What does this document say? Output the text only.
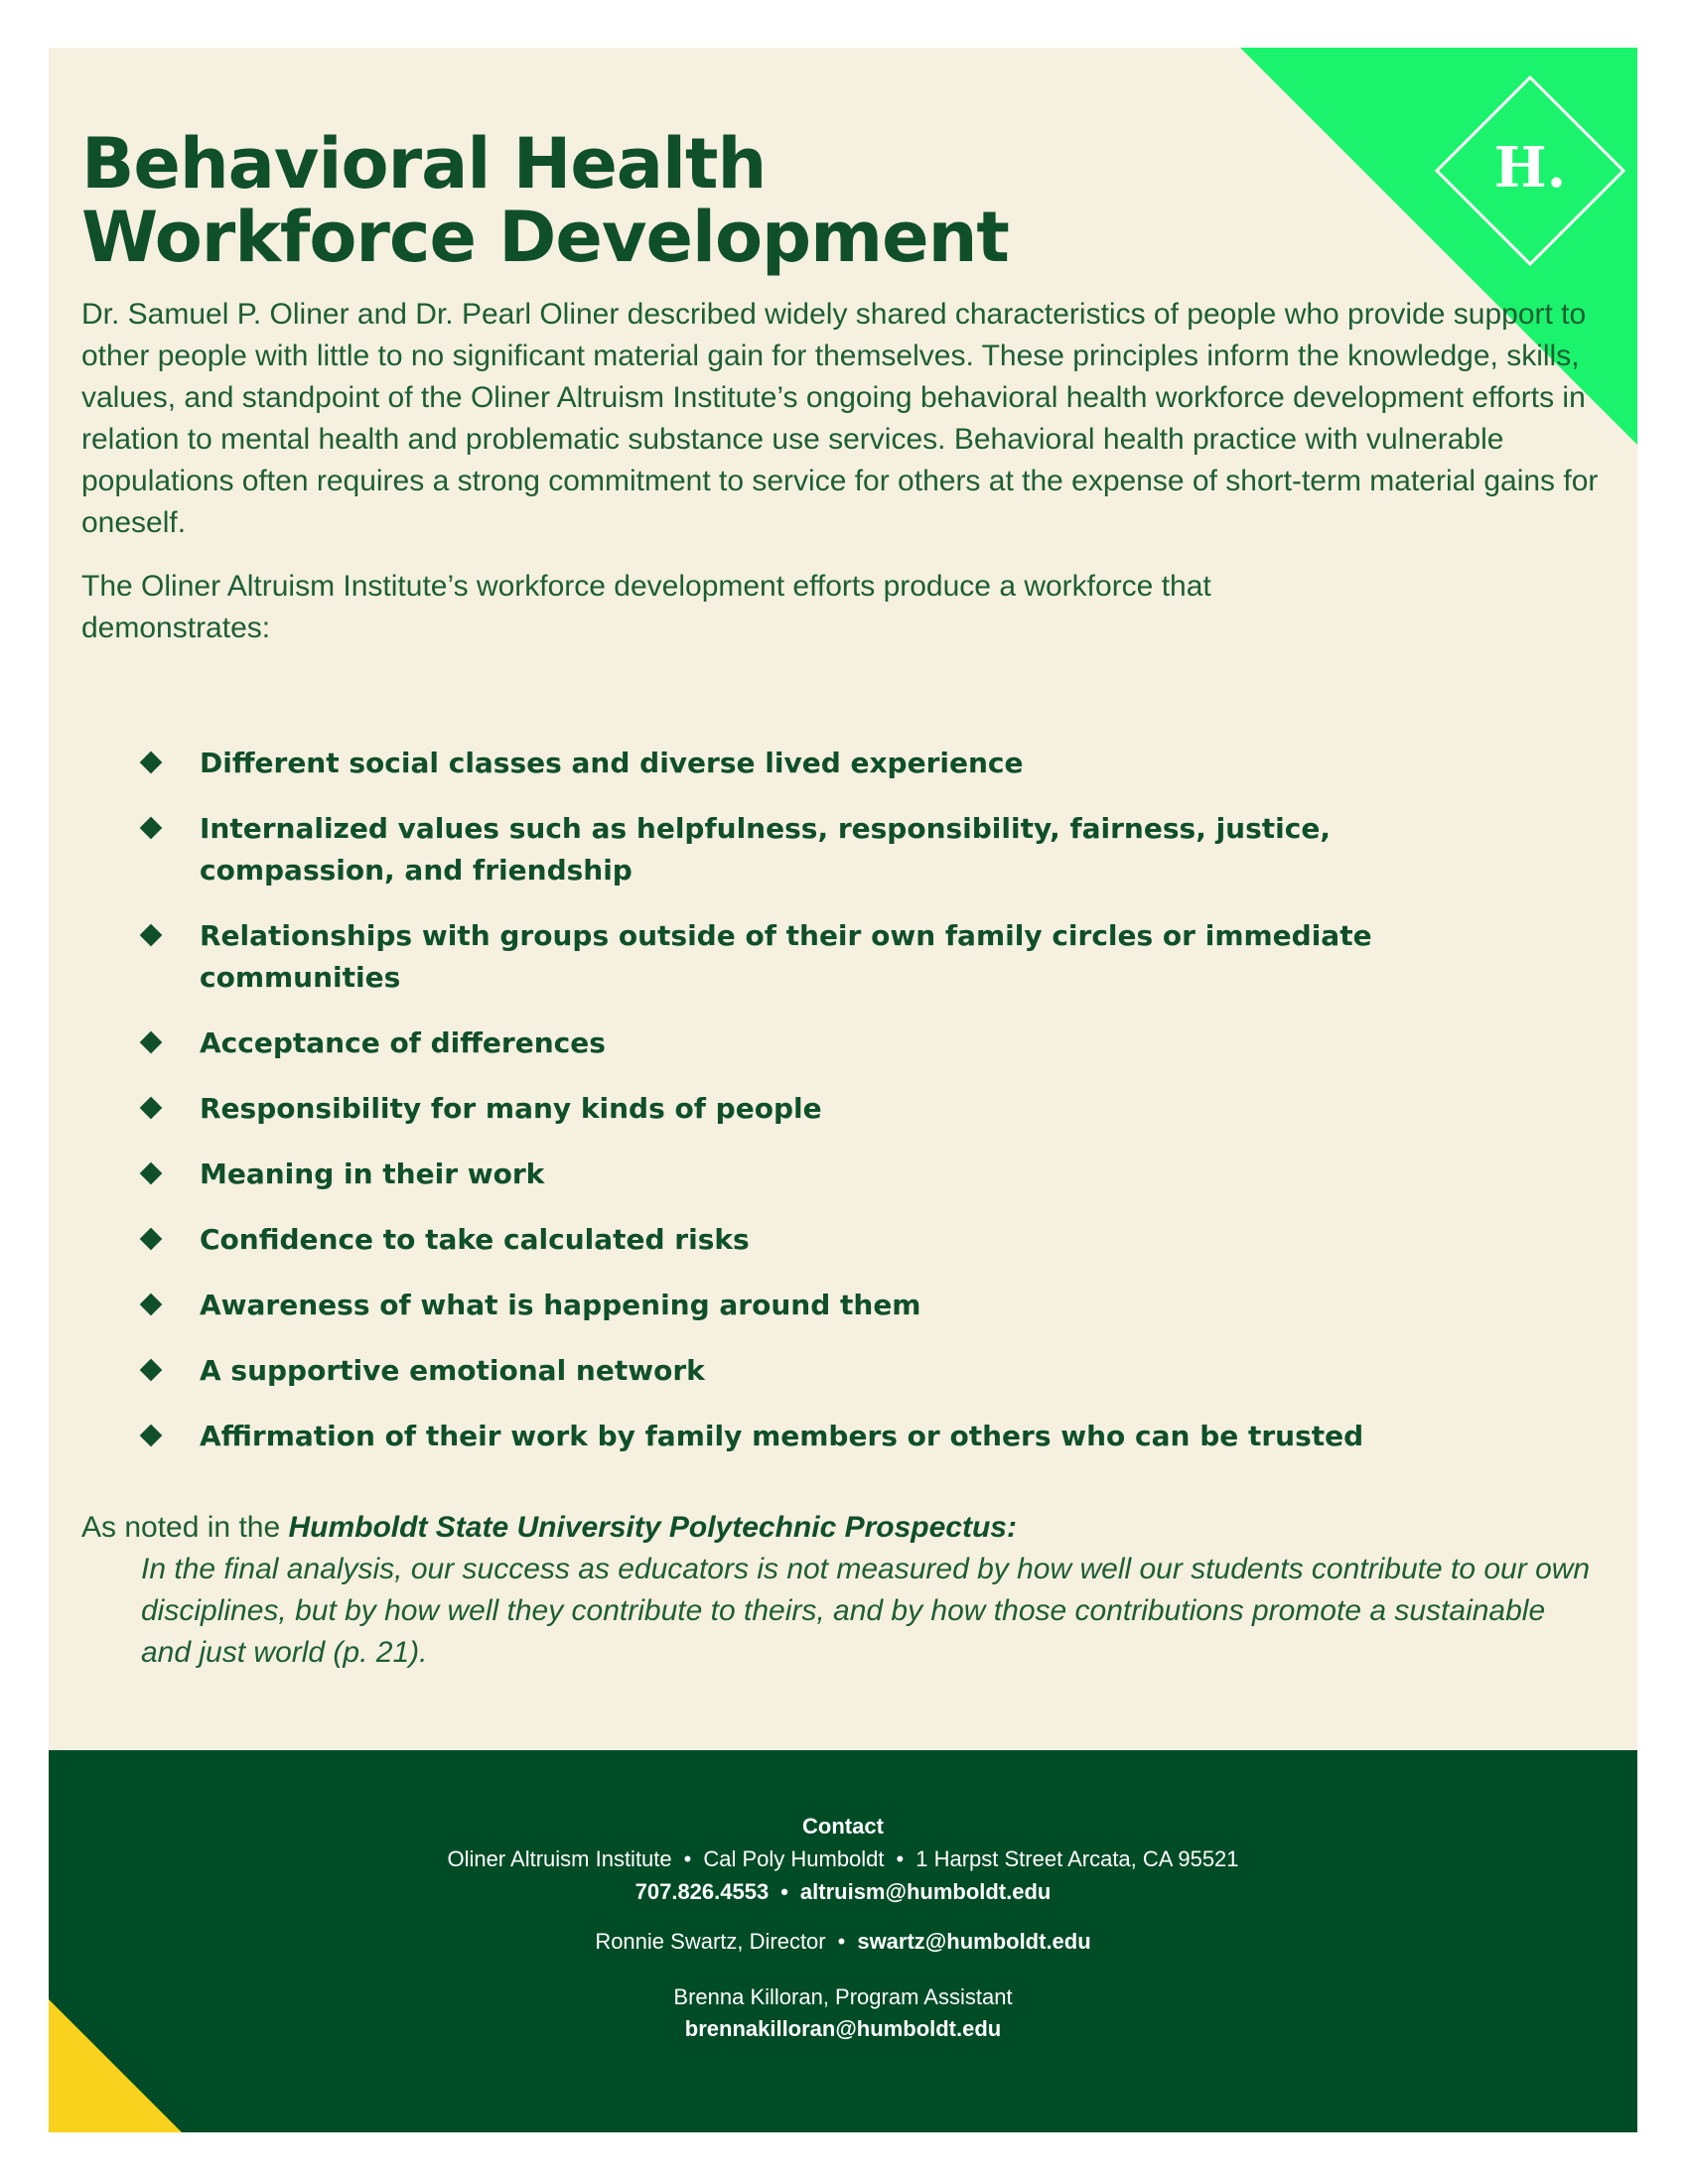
H.
Behavioral Health
Workforce Development

Dr. Samuel P. Oliner and Dr. Pearl Oliner described widely shared characteristics of people who provide support to other people with little to no significant material gain for themselves. These principles inform the knowledge, skills, values, and standpoint of the Oliner Altruism Institute’s ongoing behavioral health workforce development efforts in relation to mental health and problematic substance use services. Behavioral health practice with vulnerable populations often requires a strong commitment to service for others at the expense of short-term material gains for oneself.

The Oliner Altruism Institute’s workforce development efforts produce a workforce that demonstrates:

Different social classes and diverse lived experience
Internalized values such as helpfulness, responsibility, fairness, justice, compassion, and friendship
Relationships with groups outside of their own family circles or immediate communities
Acceptance of differences
Responsibility for many kinds of people
Meaning in their work
Confidence to take calculated risks
Awareness of what is happening around them
A supportive emotional network
Affirmation of their work by family members or others who can be trusted

As noted in the Humboldt State University Polytechnic Prospectus:

In the final analysis, our success as educators is not measured by how well our students contribute to our own disciplines, but by how well they contribute to theirs, and by how those contributions promote a sustainable and just world (p. 21).

Contact
Oliner Altruism Institute • Cal Poly Humboldt • 1 Harpst Street Arcata, CA 95521
707.826.4553 • altruism@humboldt.edu
Ronnie Swartz, Director • swartz@humboldt.edu
Brenna Killoran, Program Assistant
brennakilloran@humboldt.edu
